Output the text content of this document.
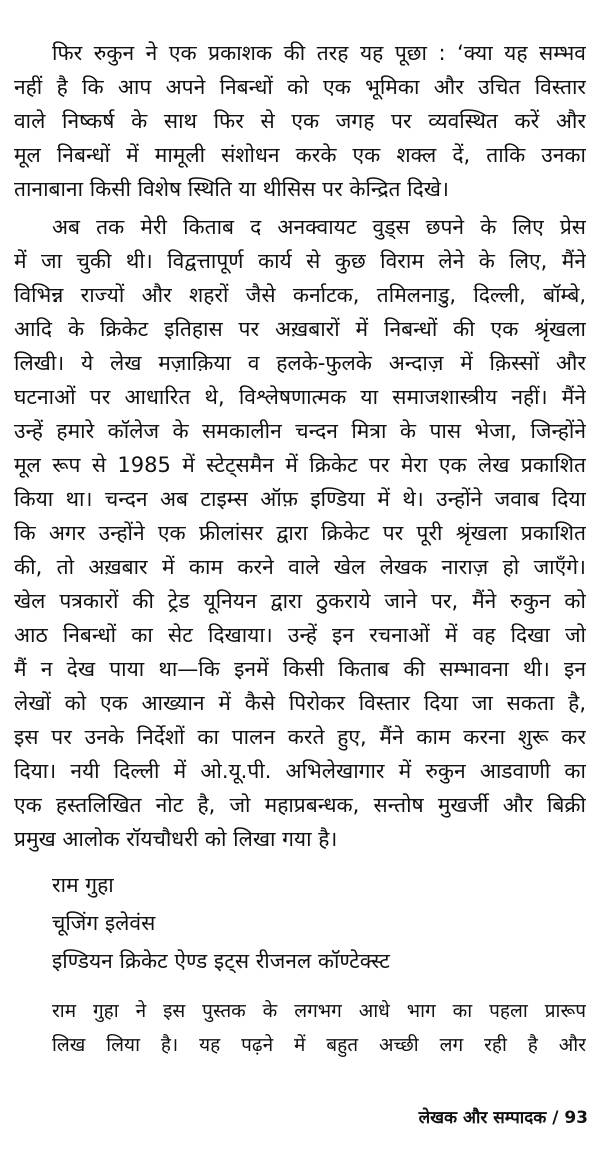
फिर रुकुन ने एक प्रकाशक की तरह यह पूछा : ‘क्या यह सम्भव
नहीं है कि आप अपने निबन्धों को एक भूमिका और उचित विस्तार
वाले निष्कर्ष के साथ फिर से एक जगह पर व्यवस्थित करें और
मूल निबन्धों में मामूली संशोधन करके एक शक्ल दें, ताकि उनका
तानाबाना किसी विशेष स्थिति या थीसिस पर केन्द्रित दिखे।
अब तक मेरी किताब द अनक्वायट वुड्स छपने के लिए प्रेस
में जा चुकी थी। विद्वत्तापूर्ण कार्य से कुछ विराम लेने के लिए, मैंने
विभिन्न राज्यों और शहरों जैसे कर्नाटक, तमिलनाडु, दिल्ली, बॉम्बे,
आदि के क्रिकेट इतिहास पर अख़बारों में निबन्धों की एक श्रृंखला
लिखी। ये लेख मज़ाक़िया व हलके-फुलके अन्दाज़ में क़िस्सों और
घटनाओं पर आधारित थे, विश्लेषणात्मक या समाजशास्त्रीय नहीं। मैंने
उन्हें हमारे कॉलेज के समकालीन चन्दन मित्रा के पास भेजा, जिन्होंने
मूल रूप से 1985 में स्टेट्समैन में क्रिकेट पर मेरा एक लेख प्रकाशित
किया था। चन्दन अब टाइम्स ऑफ़ इण्डिया में थे। उन्होंने जवाब दिया
कि अगर उन्होंने एक फ्रीलांसर द्वारा क्रिकेट पर पूरी श्रृंखला प्रकाशित
की, तो अख़बार में काम करने वाले खेल लेखक नाराज़ हो जाएँगे।
खेल पत्रकारों की ट्रेड यूनियन द्वारा ठुकराये जाने पर, मैंने रुकुन को
आठ निबन्धों का सेट दिखाया। उन्हें इन रचनाओं में वह दिखा जो
मैं न देख पाया था—कि इनमें किसी किताब की सम्भावना थी। इन
लेखों को एक आख्यान में कैसे पिरोकर विस्तार दिया जा सकता है,
इस पर उनके निर्देशों का पालन करते हुए, मैंने काम करना शुरू कर
दिया। नयी दिल्ली में ओ.यू.पी. अभिलेखागार में रुकुन आडवाणी का
एक हस्तलिखित नोट है, जो महाप्रबन्धक, सन्तोष मुखर्जी और बिक्री
प्रमुख आलोक रॉयचौधरी को लिखा गया है।
राम गुहा
चूजिंग इलेवंस
इण्डियन क्रिकेट ऐण्ड इट्स रीजनल कॉण्टेक्स्ट
राम गुहा ने इस पुस्तक के लगभग आधे भाग का पहला प्रारूप
लिख लिया है। यह पढ़ने में बहुत अच्छी लग रही है और
लेखक और सम्पादक / 93
